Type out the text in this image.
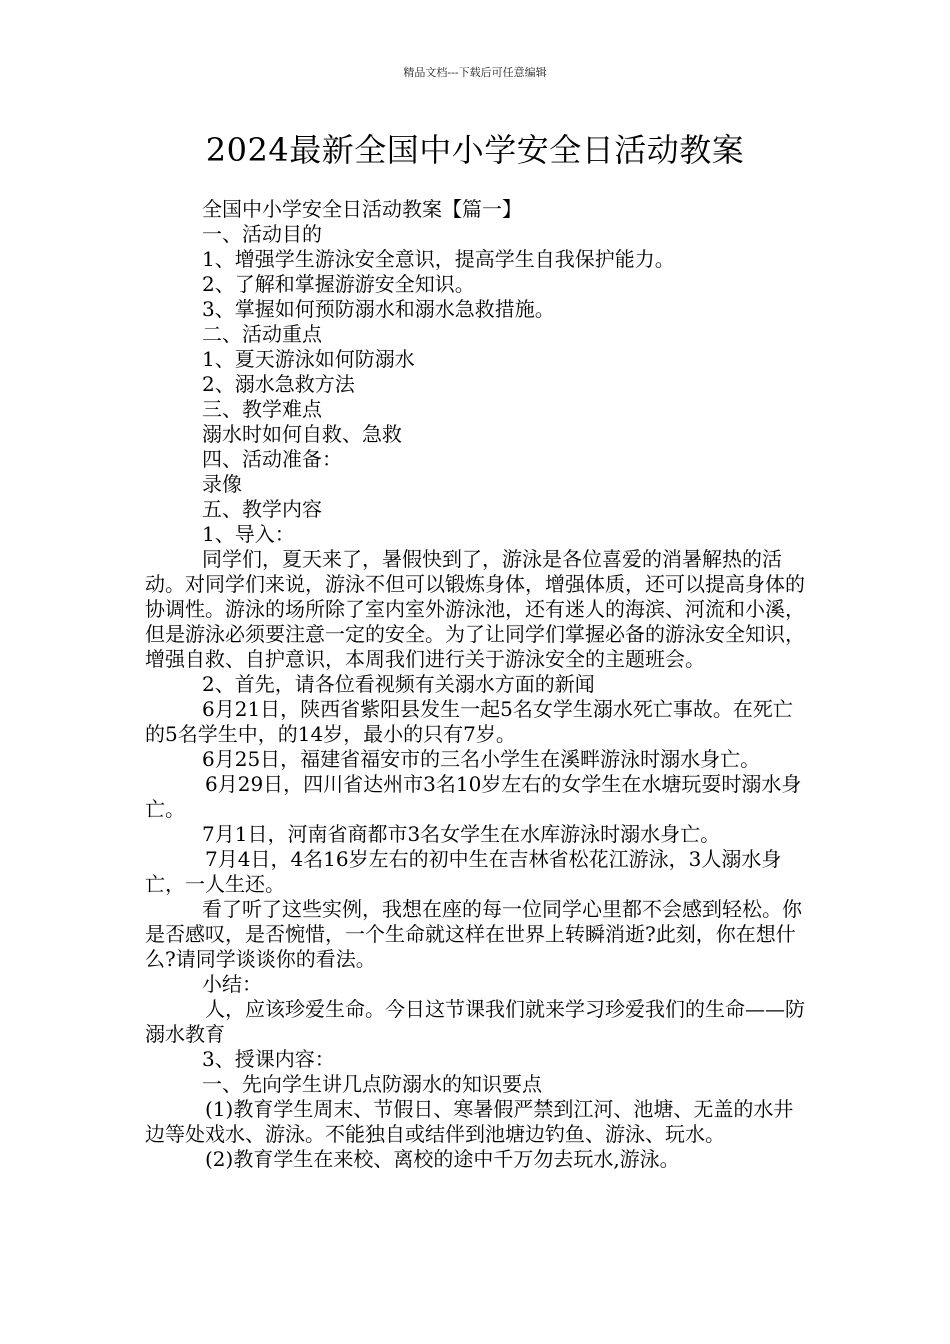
精品文档---下载后可任意编辑
2024最新全国中小学安全日活动教案

全国中小学安全日活动教案【篇一】

一、活动目的

1、增强学生游泳安全意识，提高学生自我保护能力。

2、了解和掌握游游安全知识。

3、掌握如何预防溺水和溺水急救措施。

二、活动重点

1、夏天游泳如何防溺水

2、溺水急救方法

三、教学难点

溺水时如何自救、急救

四、活动准备：

录像

五、教学内容

1、导入：

同学们，夏天来了，暑假快到了，游泳是各位喜爱的消暑解热的活动。对同学们来说，游泳不但可以锻炼身体，增强体质，还可以提高身体的协调性。游泳的场所除了室内室外游泳池，还有迷人的海滨、河流和小溪，但是游泳必须要注意一定的安全。为了让同学们掌握必备的游泳安全知识，增强自救、自护意识，本周我们进行关于游泳安全的主题班会。

2、首先，请各位看视频有关溺水方面的新闻

6月21日，陕西省紫阳县发生一起5名女学生溺水死亡事故。在死亡的5名学生中，的14岁，最小的只有7岁。

6月25日，福建省福安市的三名小学生在溪畔游泳时溺水身亡。

6月29日，四川省达州市3名10岁左右的女学生在水塘玩耍时溺水身亡。

7月1日，河南省商都市3名女学生在水库游泳时溺水身亡。

7月4日，4名16岁左右的初中生在吉林省松花江游泳，3人溺水身亡，一人生还。

看了听了这些实例，我想在座的每一位同学心里都不会感到轻松。你是否感叹，是否惋惜，一个生命就这样在世界上转瞬消逝?此刻，你在想什么?请同学谈谈你的看法。

小结：

人，应该珍爱生命。今日这节课我们就来学习珍爱我们的生命——防溺水教育

3、授课内容：

一、先向学生讲几点防溺水的知识要点

(1)教育学生周末、节假日、寒暑假严禁到江河、池塘、无盖的水井边等处戏水、游泳。不能独自或结伴到池塘边钓鱼、游泳、玩水。

(2)教育学生在来校、离校的途中千万勿去玩水,游泳。
